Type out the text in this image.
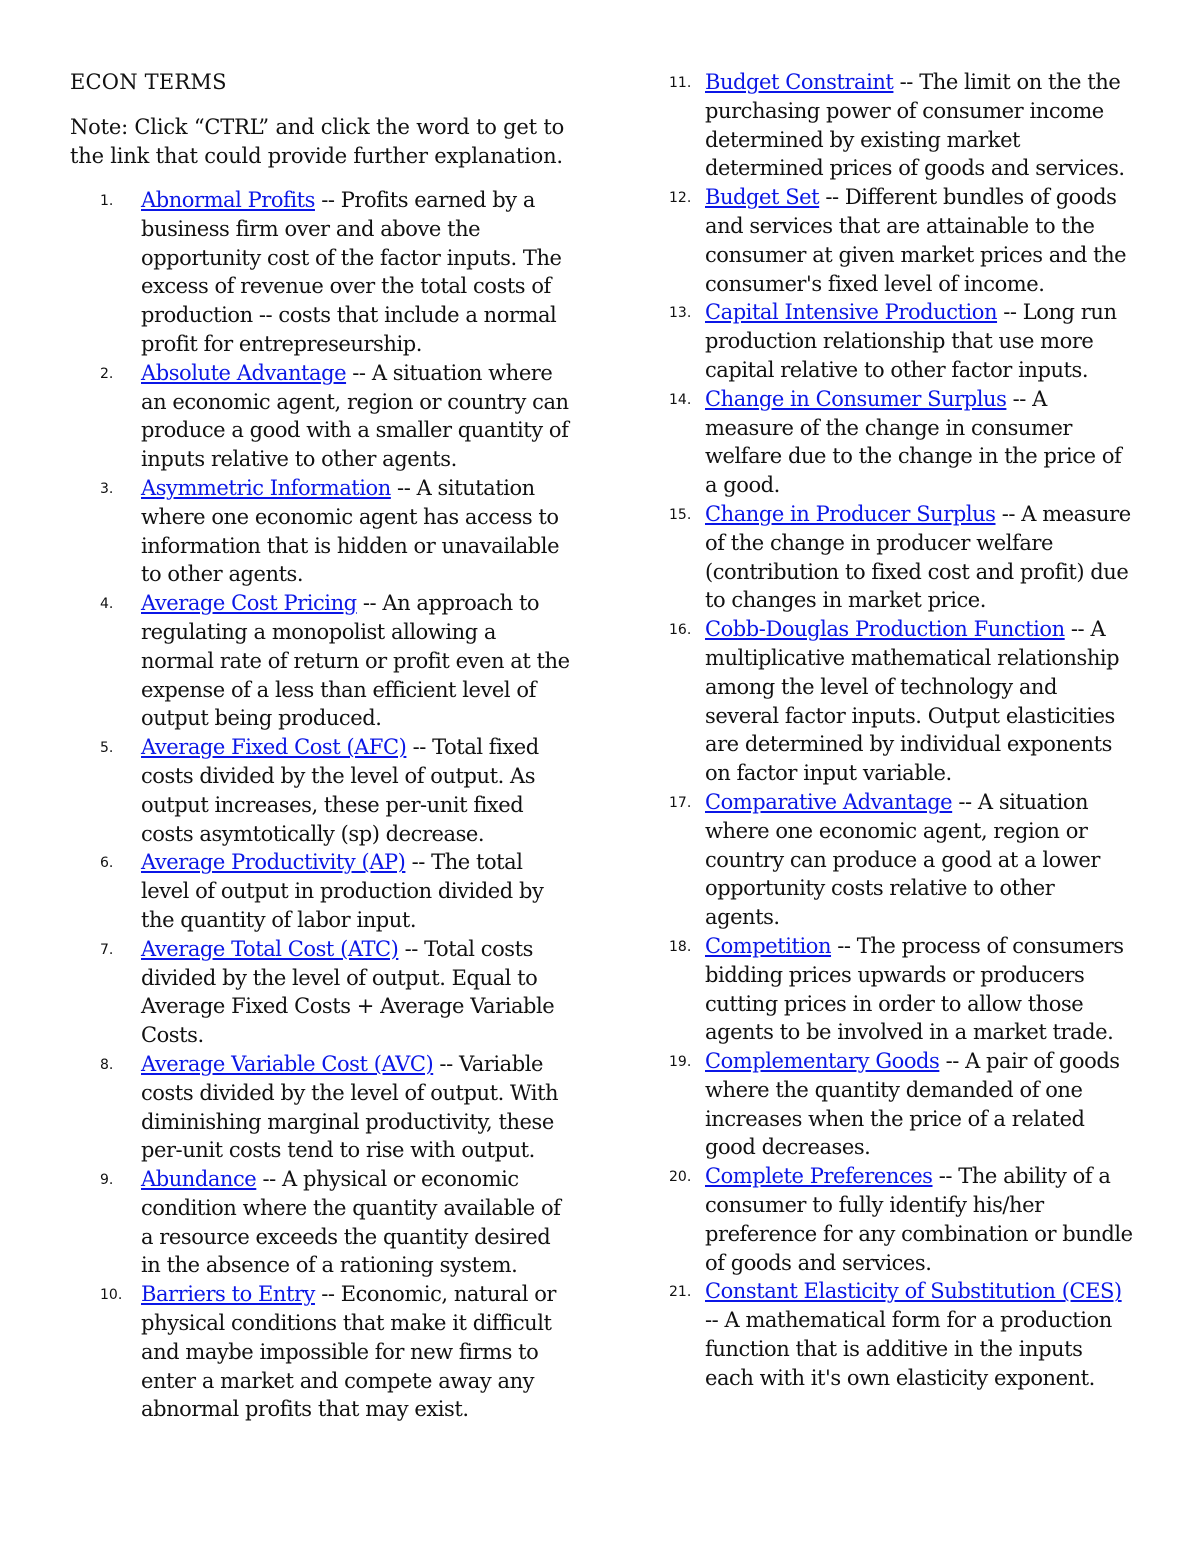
ECON TERMS
Note: Click “CTRL” and click the word to get to the link that could provide further explanation.
1. Abnormal Profits -- Profits earned by a business firm over and above the opportunity cost of the factor inputs. The excess of revenue over the total costs of production -- costs that include a normal profit for entrepreseurship.
2. Absolute Advantage -- A situation where an economic agent, region or country can produce a good with a smaller quantity of inputs relative to other agents.
3. Asymmetric Information -- A situtation where one economic agent has access to information that is hidden or unavailable to other agents.
4. Average Cost Pricing -- An approach to regulating a monopolist allowing a normal rate of return or profit even at the expense of a less than efficient level of output being produced.
5. Average Fixed Cost (AFC) -- Total fixed costs divided by the level of output. As output increases, these per-unit fixed costs asymtotically (sp) decrease.
6. Average Productivity (AP) -- The total level of output in production divided by the quantity of labor input.
7. Average Total Cost (ATC) -- Total costs divided by the level of output. Equal to Average Fixed Costs + Average Variable Costs.
8. Average Variable Cost (AVC) -- Variable costs divided by the level of output. With diminishing marginal productivity, these per-unit costs tend to rise with output.
9. Abundance -- A physical or economic condition where the quantity available of a resource exceeds the quantity desired in the absence of a rationing system.
10. Barriers to Entry -- Economic, natural or physical conditions that make it difficult and maybe impossible for new firms to enter a market and compete away any abnormal profits that may exist.
11. Budget Constraint -- The limit on the the purchasing power of consumer income determined by existing market determined prices of goods and services.
12. Budget Set -- Different bundles of goods and services that are attainable to the consumer at given market prices and the consumer's fixed level of income.
13. Capital Intensive Production -- Long run production relationship that use more capital relative to other factor inputs.
14. Change in Consumer Surplus -- A measure of the change in consumer welfare due to the change in the price of a good.
15. Change in Producer Surplus -- A measure of the change in producer welfare (contribution to fixed cost and profit) due to changes in market price.
16. Cobb-Douglas Production Function -- A multiplicative mathematical relationship among the level of technology and several factor inputs. Output elasticities are determined by individual exponents on factor input variable.
17. Comparative Advantage -- A situation where one economic agent, region or country can produce a good at a lower opportunity costs relative to other agents.
18. Competition -- The process of consumers bidding prices upwards or producers cutting prices in order to allow those agents to be involved in a market trade.
19. Complementary Goods -- A pair of goods where the quantity demanded of one increases when the price of a related good decreases.
20. Complete Preferences -- The ability of a consumer to fully identify his/her preference for any combination or bundle of goods and services.
21. Constant Elasticity of Substitution (CES) -- A mathematical form for a production function that is additive in the inputs each with it's own elasticity exponent.
